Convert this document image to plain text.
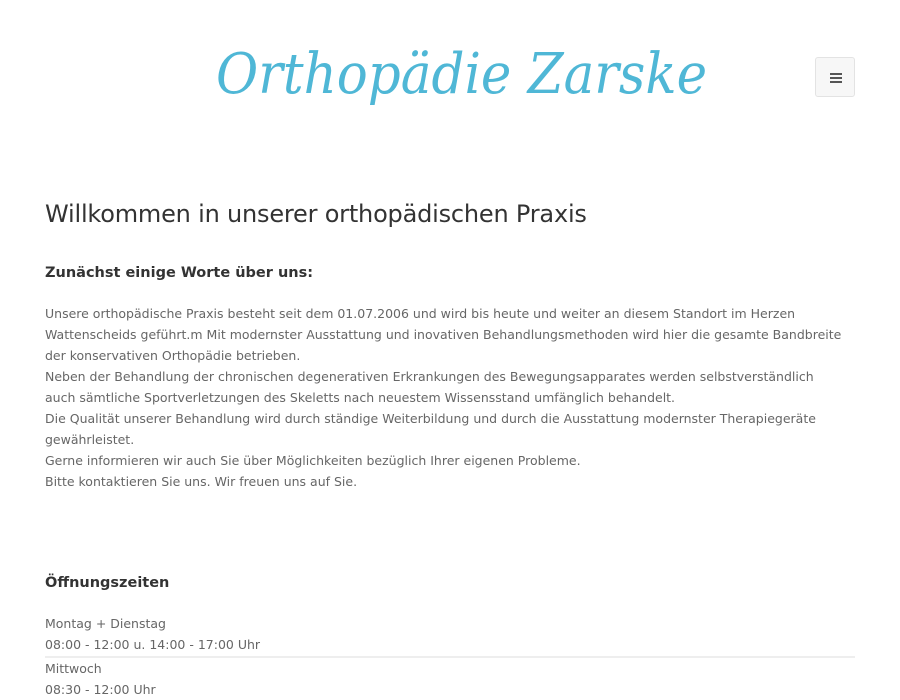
Orthopädie Zarske
Willkommen in unserer orthopädischen Praxis
Zunächst einige Worte über uns:

Unsere orthopädische Praxis besteht seit dem 01.07.2006 und wird bis heute und weiter an diesem Standort im Herzen Wattenscheids geführt.m Mit modernster Ausstattung und inovativen Behandlungsmethoden wird hier die gesamte Bandbreite der konservativen Orthopädie betrieben.

Neben der Behandlung der chronischen degenerativen Erkrankungen des Bewegungsapparates werden selbstverständlich auch sämtliche Sportverletzungen des Skeletts nach neuestem Wissensstand umfänglich behandelt.

Die Qualität unserer Behandlung wird durch ständige Weiterbildung und durch die Ausstattung modernster Therapiegeräte gewährleistet.

Gerne informieren wir auch Sie über Möglichkeiten bezüglich Ihrer eigenen Probleme.

Bitte kontaktieren Sie uns. Wir freuen uns auf Sie.

Öffnungszeiten
Montag + Dienstag
08:00 - 12:00 u. 14:00 - 17:00 Uhr
Mittwoch
08:30 - 12:00 Uhr
